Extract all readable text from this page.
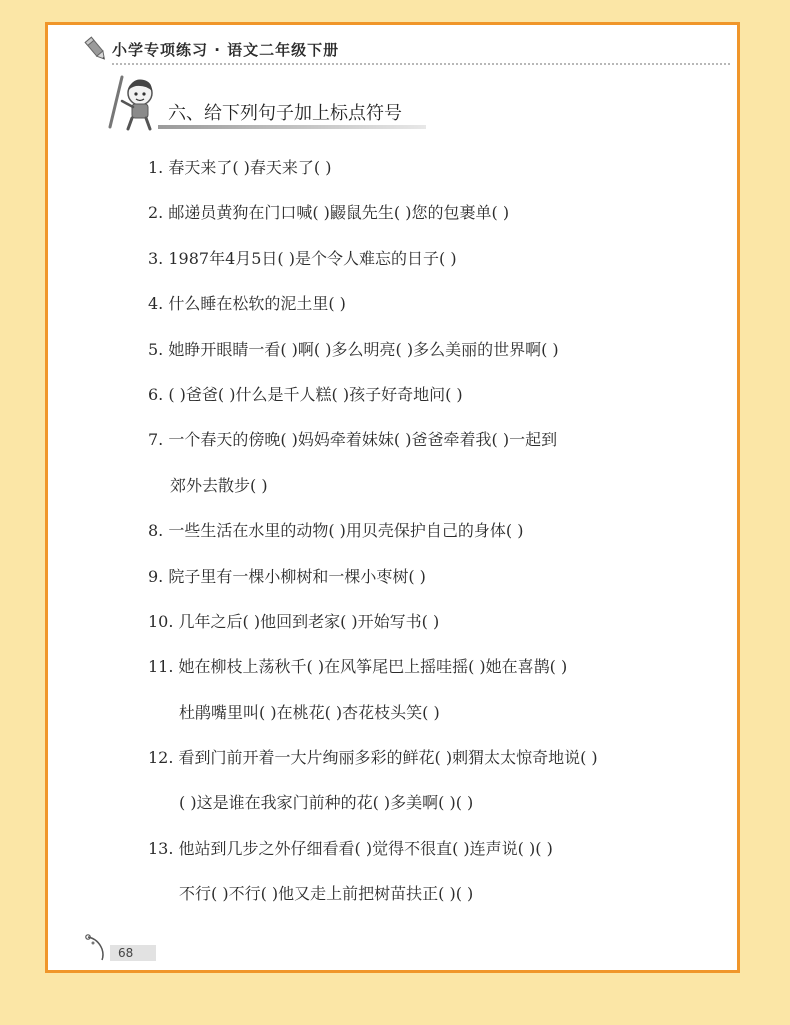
小学专项练习 · 语文二年级下册
六、给下列句子加上标点符号
1. 春天来了( )春天来了( )
2. 邮递员黄狗在门口喊( )鼹鼠先生( )您的包裹单( )
3. 1987年4月5日( )是个令人难忘的日子( )
4. 什么睡在松软的泥土里( )
5. 她睁开眼睛一看( )啊( )多么明亮( )多么美丽的世界啊( )
6. ( )爸爸( )什么是千人糕( )孩子好奇地问( )
7. 一个春天的傍晚( )妈妈牵着妹妹( )爸爸牵着我( )一起到
郊外去散步( )
8. 一些生活在水里的动物( )用贝壳保护自己的身体( )
9. 院子里有一棵小柳树和一棵小枣树( )
10. 几年之后( )他回到老家( )开始写书( )
11. 她在柳枝上荡秋千( )在风筝尾巴上摇哇摇( )她在喜鹊( )
杜鹃嘴里叫( )在桃花( )杏花枝头笑( )
12. 看到门前开着一大片绚丽多彩的鲜花( )刺猬太太惊奇地说( )
( )这是谁在我家门前种的花( )多美啊( )( )
13. 他站到几步之外仔细看看( )觉得不很直( )连声说( )( )
不行( )不行( )他又走上前把树苗扶正( )( )
68
